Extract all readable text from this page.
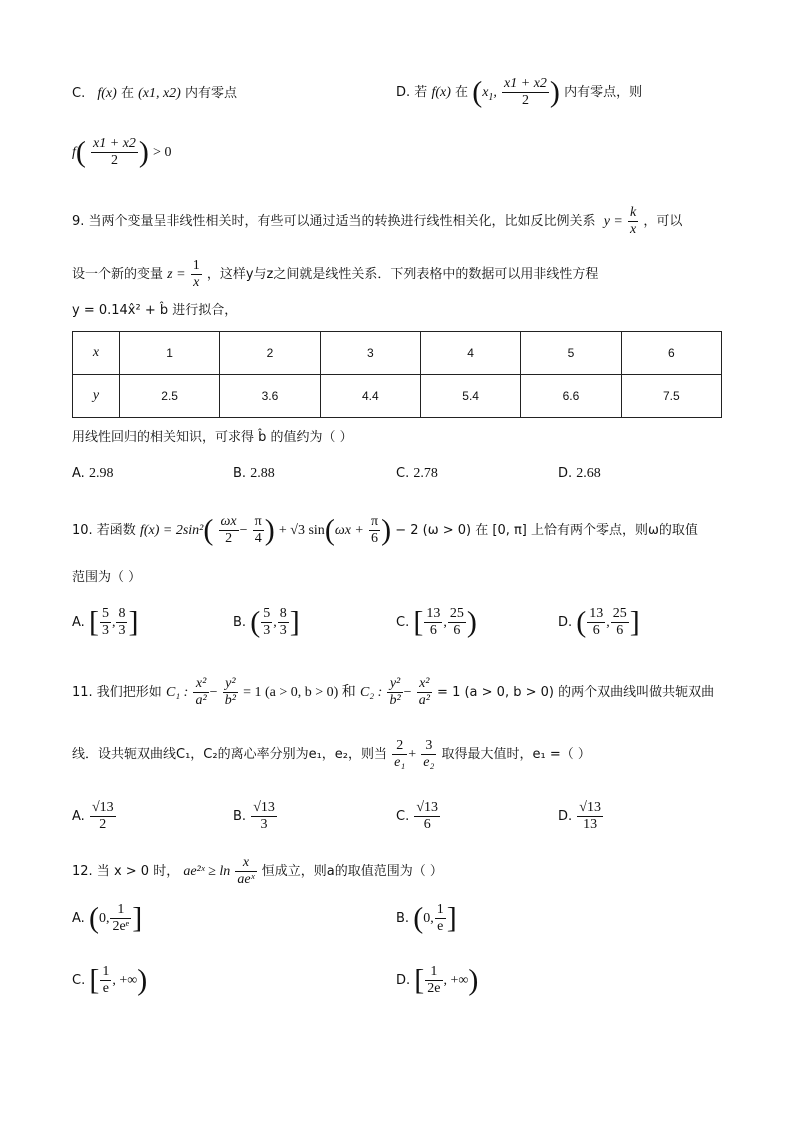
C. f(x) 在 (x1, x2) 内有零点	D. 若 f(x) 在 ($x_1$, $\frac{x1 + x2}{2}$ ) 内有零点，则
$f( \frac{x1 + x2}{2}$ ) > 0
9. 当两个变量呈非线性相关时，有些可以通过适当的转换进行线性相关化，比如反比例关系 $y = \frac{k}{x}$ ，可以
设一个新的变量 $z = \frac{1}{x}$ ，这样y与z之间就是线性关系．下列表格中的数据可以用非线性方程
y = 0.14x̂² + b̂ 进行拟合，
x	1	2	3	4	5	6
y	2.5	3.6	4.4	5.4	6.6	7.5
用线性回归的相关知识，可求得 b̂ 的值约为（ ）
A. 2.98	B. 2.88	C. 2.78	D. 2.68
10. 若函数 $f(x) = 2\sin^2( \frac{\omega x}{2} - \frac{\pi}{4}$ ) + √3 $\sin(\omega x + \frac{\pi}{6}$ ) − 2 (ω > 0) 在 [0, π] 上恰有两个零点，则ω的取值
范围为（ ）
A. [ $\frac{5}{3}$ , $\frac{8}{3}$ ]	B. ( $\frac{5}{3}$ , $\frac{8}{3}$ ]	C. [ $\frac{13}{6}$ , $\frac{25}{6}$ )	D. ( $\frac{13}{6}$ , $\frac{25}{6}$ ]
11. 我们把形如 C₁ : $\frac{\text{x²}}{\text{a²}} - \frac{\text{y²}}{\text{b²}} = 1$ (a > 0, b > 0) 和 C₂ : $\frac{\text{y²}}{\text{b²}} - \frac{\text{x²}}{\text{a²}} = 1$ (a > 0, b > 0) 的两个双曲线叫做共轭双曲
线．设共轭双曲线C₁，C₂的离心率分别为e₁，e₂，则当 $\frac{2}{\text{e₁}} + \frac{3}{\text{e₂}}$ 取得最大值时，e₁ =（ ）
A. $\frac{√13}{2}$	B. $\frac{√13}{3}$	C. $\frac{√13}{6}$	D. $\frac{√13}{13}$
12. 当 x > 0 时， ae²ˣ ≥ $\ln \frac{x}{\text{aeˣ}}$ 恒成立，则a的取值范围为（ ）
A. (0, $\frac{1}{\text{2eᵉ}}$ ]	B. (0, $\frac{1}{e}$ ]
C. [ $\frac{1}{e}$ , +∞)	D. [ $\frac{1}{2e}$ , +∞)
